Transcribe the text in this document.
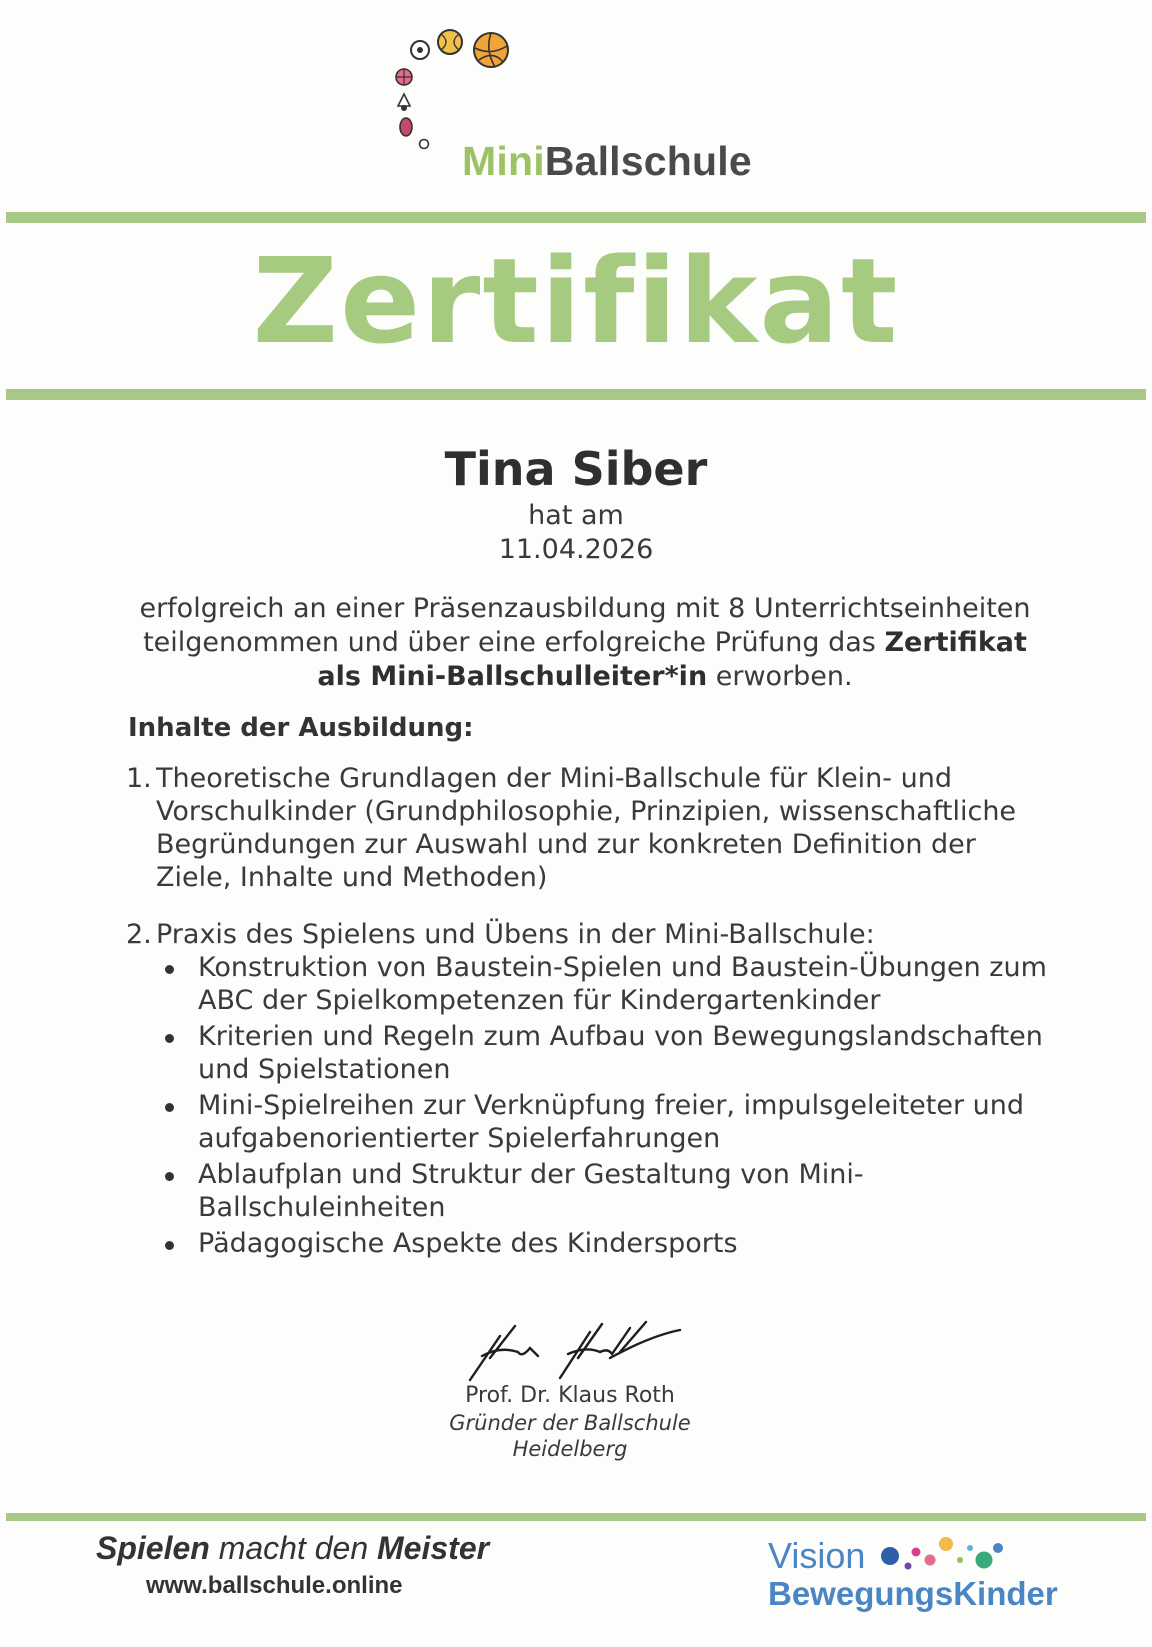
MiniBallschule
Zertifikat
Tina Siber
hat am
11.04.2026
erfolgreich an einer Präsenzausbildung mit 8 Unterrichtseinheiten teilgenommen und über eine erfolgreiche Prüfung das Zertifikat als Mini-Ballschulleiter*in erworben.
Inhalte der Ausbildung:
1. Theoretische Grundlagen der Mini-Ballschule für Klein- und Vorschulkinder (Grundphilosophie, Prinzipien, wissenschaftliche Begründungen zur Auswahl und zur konkreten Definition der Ziele, Inhalte und Methoden)
2. Praxis des Spielens und Übens in der Mini-Ballschule:
Konstruktion von Baustein-Spielen und Baustein-Übungen zum ABC der Spielkompetenzen für Kindergartenkinder
Kriterien und Regeln zum Aufbau von Bewegungslandschaften und Spielstationen
Mini-Spielreihen zur Verknüpfung freier, impulsgeleiteter und aufgabenorientierter Spielerfahrungen
Ablaufplan und Struktur der Gestaltung von Mini-Ballschuleinheiten
Pädagogische Aspekte des Kindersports
Prof. Dr. Klaus Roth
Gründer der Ballschule
Heidelberg
Spielen macht den Meister
www.ballschule.online
Vision
BewegungsKinder
